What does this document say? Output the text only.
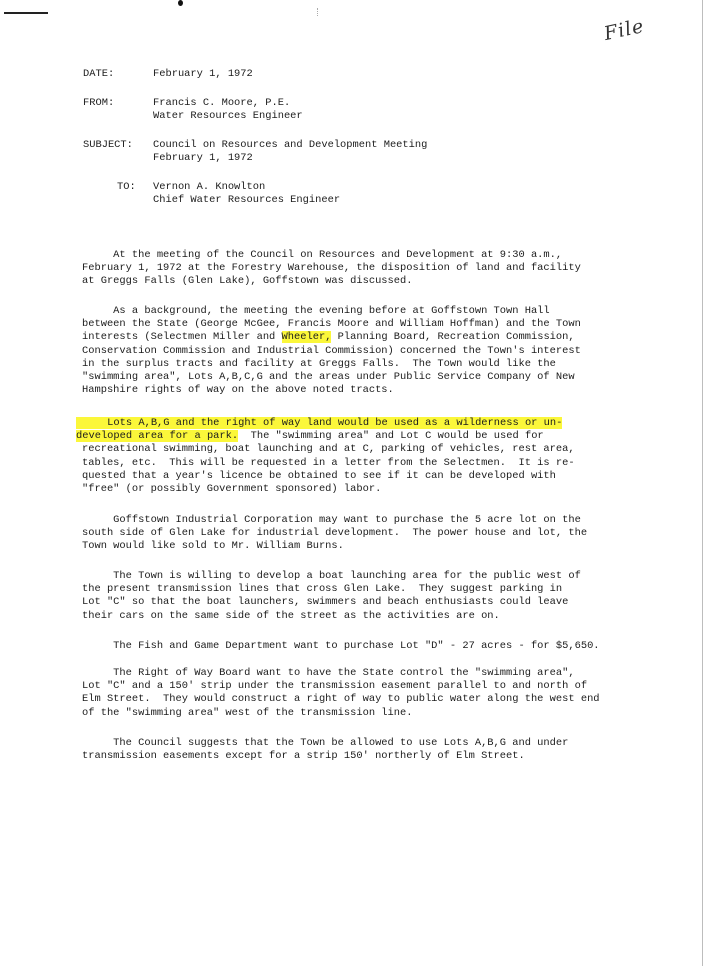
File
DATE:	February 1, 1972
FROM:	Francis C. Moore, P.E.
Water Resources Engineer
SUBJECT: Council on Resources and Development Meeting
February 1, 1972
TO: Vernon A. Knowlton
Chief Water Resources Engineer
At the meeting of the Council on Resources and Development at 9:30 a.m.,
February 1, 1972 at the Forestry Warehouse, the disposition of land and facility
at Greggs Falls (Glen Lake), Goffstown was discussed.
As a background, the meeting the evening before at Goffstown Town Hall
between the State (George McGee, Francis Moore and William Hoffman) and the Town
interests (Selectmen Miller and Wheeler, Planning Board, Recreation Commission,
Conservation Commission and Industrial Commission) concerned the Town's interest
in the surplus tracts and facility at Greggs Falls.  The Town would like the
"swimming area", Lots A,B,C,G and the areas under Public Service Company of New
Hampshire rights of way on the above noted tracts.
Lots A,B,G and the right of way land would be used as a wilderness or un-
developed area for a park.  The "swimming area" and Lot C would be used for
recreational swimming, boat launching and at C, parking of vehicles, rest area,
tables, etc.  This will be requested in a letter from the Selectmen.  It is re-
quested that a year's licence be obtained to see if it can be developed with
"free" (or possibly Government sponsored) labor.
Goffstown Industrial Corporation may want to purchase the 5 acre lot on the
south side of Glen Lake for industrial development.  The power house and lot, the
Town would like sold to Mr. William Burns.
The Town is willing to develop a boat launching area for the public west of
the present transmission lines that cross Glen Lake.  They suggest parking in
Lot "C" so that the boat launchers, swimmers and beach enthusiasts could leave
their cars on the same side of the street as the activities are on.
The Fish and Game Department want to purchase Lot "D" - 27 acres - for $5,650.
The Right of Way Board want to have the State control the "swimming area",
Lot "C" and a 150' strip under the transmission easement parallel to and north of
Elm Street.  They would construct a right of way to public water along the west end
of the "swimming area" west of the transmission line.
The Council suggests that the Town be allowed to use Lots A,B,G and under
transmission easements except for a strip 150' northerly of Elm Street.
